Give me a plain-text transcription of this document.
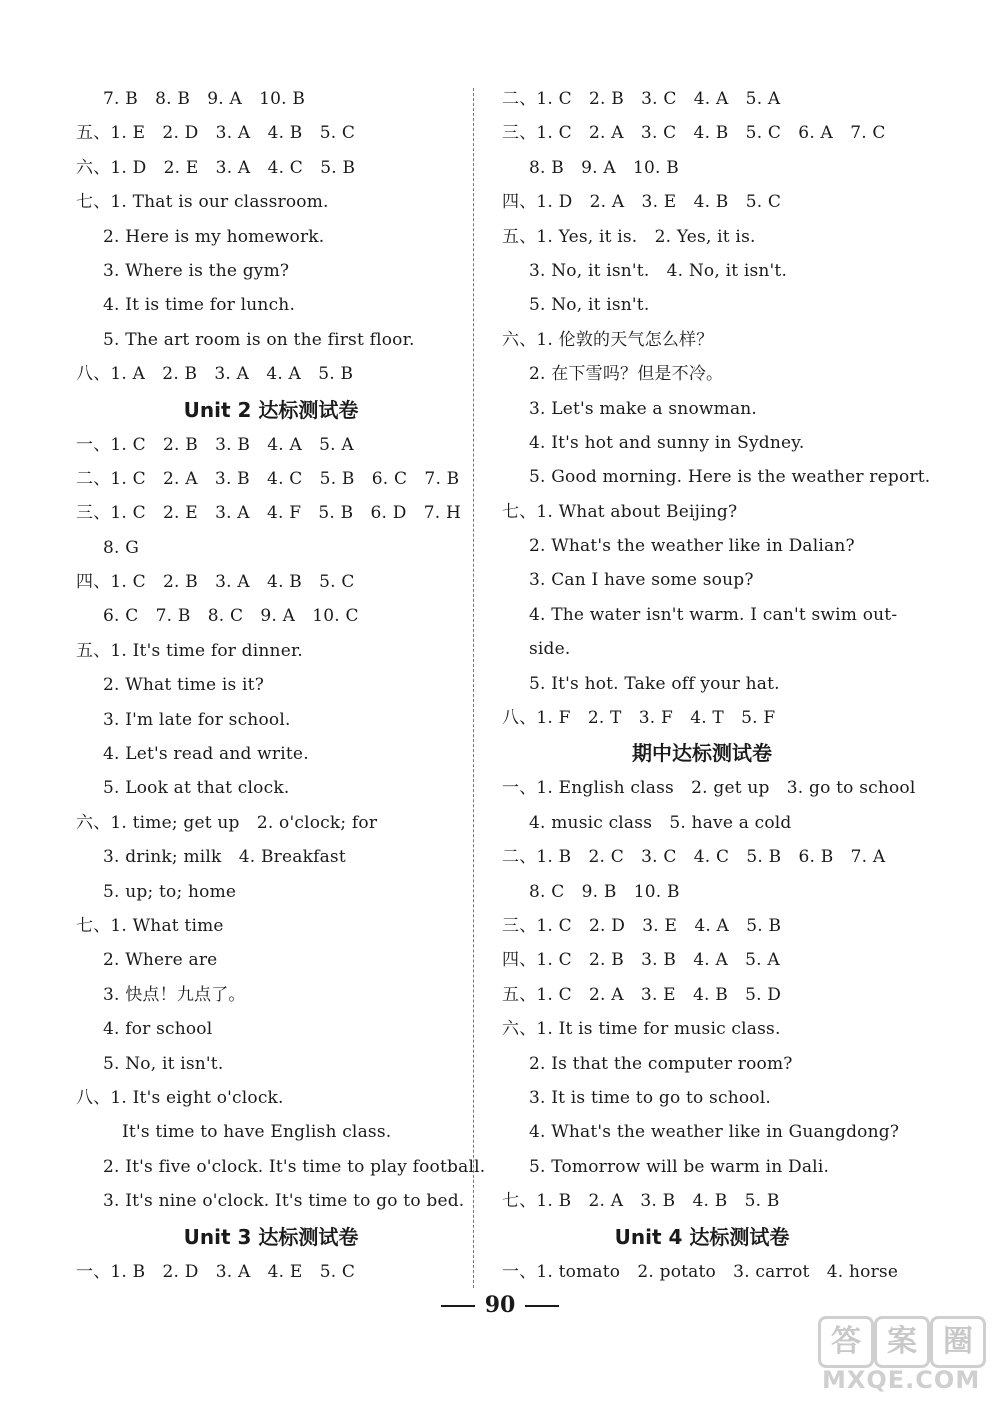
7. B　8. B　9. A　10. B
五、1. E　2. D　3. A　4. B　5. C
六、1. D　2. E　3. A　4. C　5. B
七、1. That is our classroom.
2. Here is my homework.
3. Where is the gym?
4. It is time for lunch.
5. The art room is on the first floor.
八、1. A　2. B　3. A　4. A　5. B
Unit 2 达标测试卷
一、1. C　2. B　3. B　4. A　5. A
二、1. C　2. A　3. B　4. C　5. B　6. C　7. B
三、1. C　2. E　3. A　4. F　5. B　6. D　7. H
8. G
四、1. C　2. B　3. A　4. B　5. C
6. C　7. B　8. C　9. A　10. C
五、1. It's time for dinner.
2. What time is it?
3. I'm late for school.
4. Let's read and write.
5. Look at that clock.
六、1. time; get up　2. o'clock; for
3. drink; milk　4. Breakfast
5. up; to; home
七、1. What time
2. Where are
3. 快点！九点了。
4. for school
5. No, it isn't.
八、1. It's eight o'clock.
It's time to have English class.
2. It's five o'clock. It's time to play football.
3. It's nine o'clock. It's time to go to bed.
Unit 3 达标测试卷
一、1. B　2. D　3. A　4. E　5. C
二、1. C　2. B　3. C　4. A　5. A
三、1. C　2. A　3. C　4. B　5. C　6. A　7. C
8. B　9. A　10. B
四、1. D　2. A　3. E　4. B　5. C
五、1. Yes, it is.　2. Yes, it is.
3. No, it isn't.　4. No, it isn't.
5. No, it isn't.
六、1. 伦敦的天气怎么样？
2. 在下雪吗？但是不冷。
3. Let's make a snowman.
4. It's hot and sunny in Sydney.
5. Good morning. Here is the weather report.
七、1. What about Beijing?
2. What's the weather like in Dalian?
3. Can I have some soup?
4. The water isn't warm. I can't swim out-
side.
5. It's hot. Take off your hat.
八、1. F　2. T　3. F　4. T　5. F
期中达标测试卷
一、1. English class　2. get up　3. go to school
4. music class　5. have a cold
二、1. B　2. C　3. C　4. C　5. B　6. B　7. A
8. C　9. B　10. B
三、1. C　2. D　3. E　4. A　5. B
四、1. C　2. B　3. B　4. A　5. A
五、1. C　2. A　3. E　4. B　5. D
六、1. It is time for music class.
2. Is that the computer room?
3. It is time to go to school.
4. What's the weather like in Guangdong?
5. Tomorrow will be warm in Dali.
七、1. B　2. A　3. B　4. B　5. B
Unit 4 达标测试卷
一、1. tomato　2. potato　3. carrot　4. horse
90
答 案 圈
MXQE.COM
